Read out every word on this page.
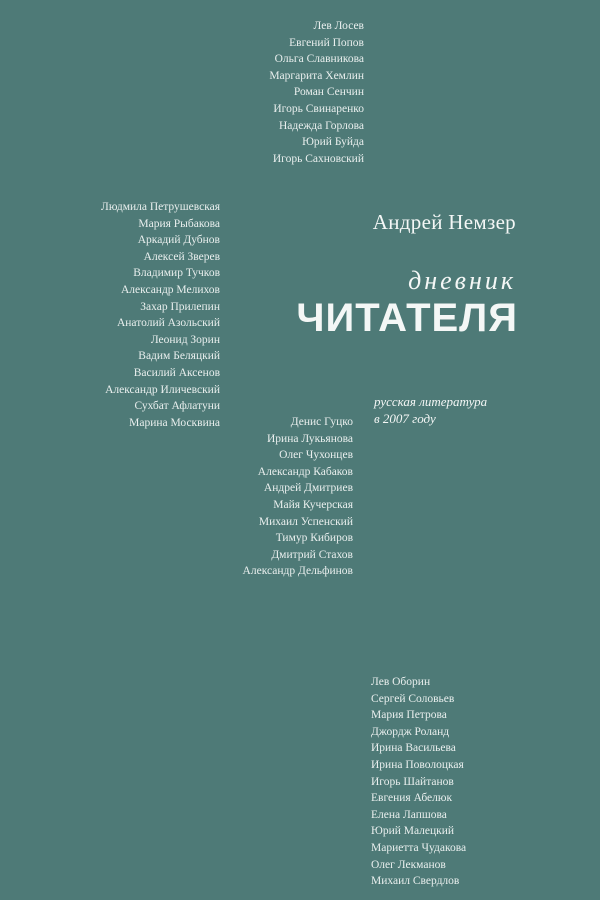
Лев Лосев
Евгений Попов
Ольга Славникова
Маргарита Хемлин
Роман Сенчин
Игорь Свинаренко
Надежда Горлова
Юрий Буйда
Игорь Сахновский
Людмила Петрушевская
Мария Рыбакова
Аркадий Дубнов
Алексей Зверев
Владимир Тучков
Александр Мелихов
Захар Прилепин
Анатолий Азольский
Леонид Зорин
Вадим Беляцкий
Василий Аксенов
Александр Иличевский
Сухбат Афлатуни
Марина Москвина
Андрей Немзер
дневник
ЧИТАТЕЛЯ
русская литература
в 2007 году
Денис Гуцко
Ирина Лукьянова
Олег Чухонцев
Александр Кабаков
Андрей Дмитриев
Майя Кучерская
Михаил Успенский
Тимур Кибиров
Дмитрий Стахов
Александр Дельфинов
Лев Оборин
Сергей Соловьев
Мария Петрова
Джордж Роланд
Ирина Васильева
Ирина Поволоцкая
Игорь Шайтанов
Евгения Абелюк
Елена Лапшова
Юрий Малецкий
Мариетта Чудакова
Олег Лекманов
Михаил Свердлов
